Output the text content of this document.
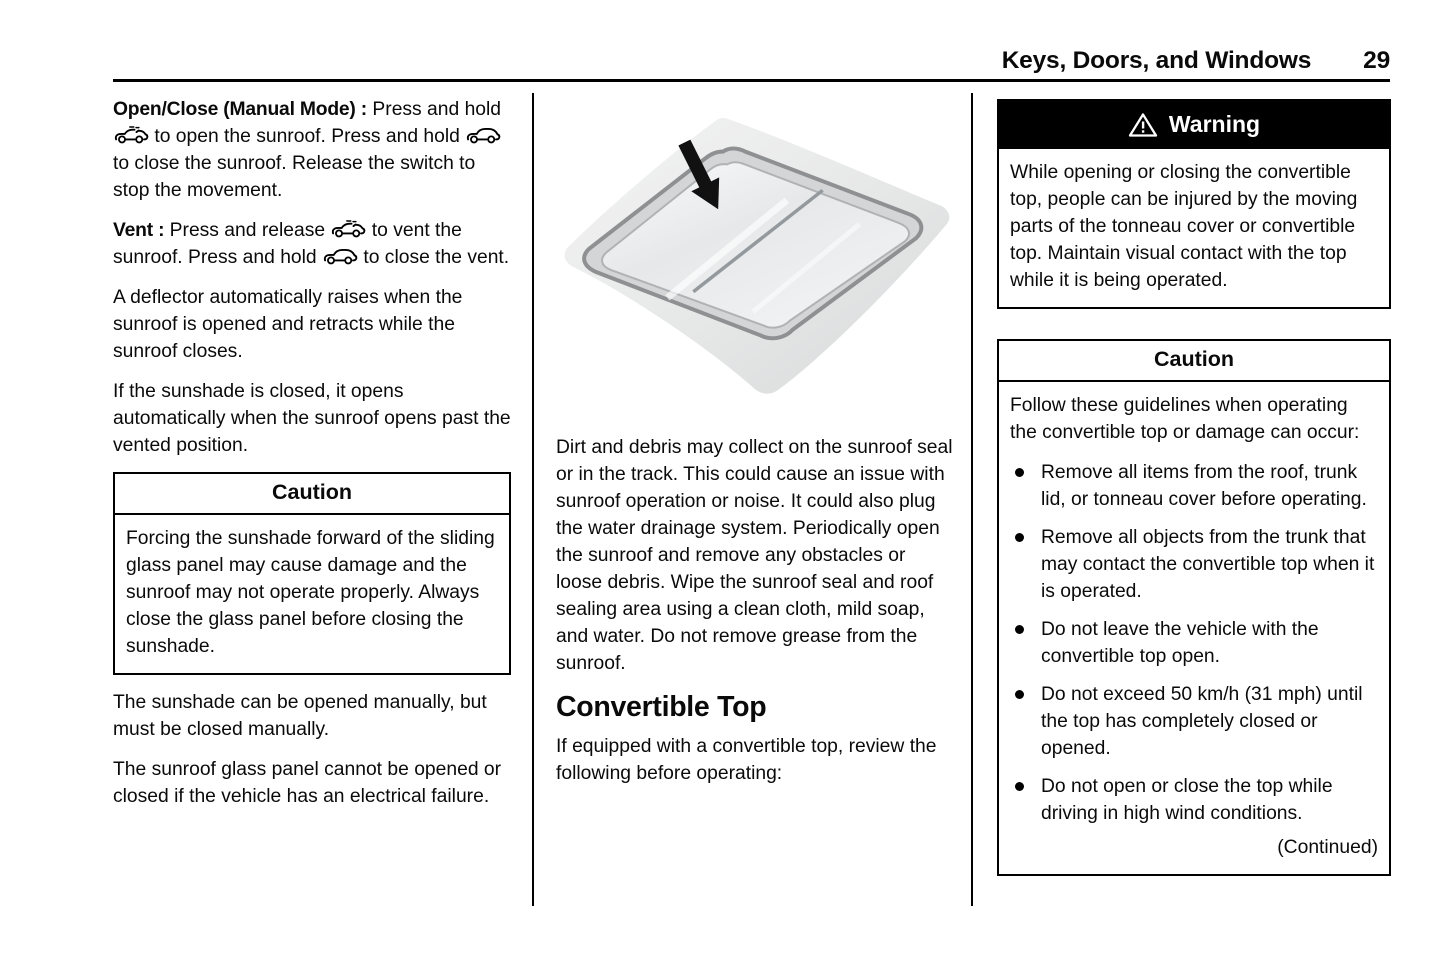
Keys, Doors, and Windows 29

Open/Close (Manual Mode) : Press and hold
to open the sunroof. Press and hold
to close the sunroof. Release the switch to stop the movement.

Vent : Press and release to vent the sunroof. Press and hold to close the vent.

A deflector automatically raises when the sunroof is opened and retracts while the sunroof closes.

If the sunshade is closed, it opens automatically when the sunroof opens past the vented position.

Caution

Forcing the sunshade forward of the sliding glass panel may cause damage and the sunroof may not operate properly. Always close the glass panel before closing the sunshade.

The sunshade can be opened manually, but must be closed manually.

The sunroof glass panel cannot be opened or closed if the vehicle has an electrical failure.

Dirt and debris may collect on the sunroof seal or in the track. This could cause an issue with sunroof operation or noise. It could also plug the water drainage system. Periodically open the sunroof and remove any obstacles or loose debris. Wipe the sunroof seal and roof sealing area using a clean cloth, mild soap, and water. Do not remove grease from the sunroof.

Convertible Top

If equipped with a convertible top, review the following before operating:

Warning

While opening or closing the convertible top, people can be injured by the moving parts of the tonneau cover or convertible top. Maintain visual contact with the top while it is being operated.

Caution

Follow these guidelines when operating the convertible top or damage can occur:

Remove all items from the roof, trunk lid, or tonneau cover before operating.
Remove all objects from the trunk that may contact the convertible top when it is operated.
Do not leave the vehicle with the convertible top open.
Do not exceed 50 km/h (31 mph) until the top has completely closed or opened.
Do not open or close the top while driving in high wind conditions.

(Continued)
